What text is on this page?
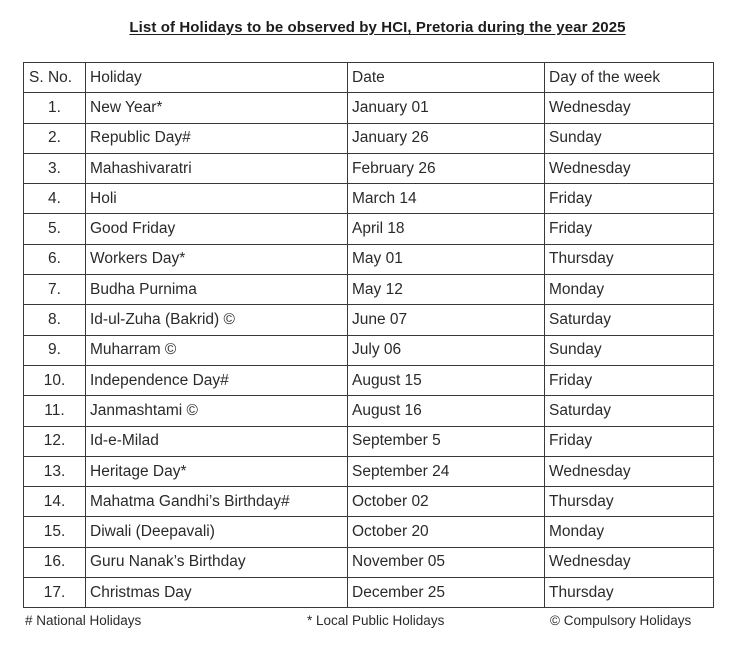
List of Holidays to be observed by HCI, Pretoria during the year 2025
S. No.	Holiday	Date	Day of the week
1.	New Year*	January 01	Wednesday
2.	Republic Day#	January 26	Sunday
3.	Mahashivaratri	February 26	Wednesday
4.	Holi	March 14	Friday
5.	Good Friday	April 18	Friday
6.	Workers Day*	May 01	Thursday
7.	Budha Purnima	May 12	Monday
8.	Id-ul-Zuha (Bakrid) ©	June 07	Saturday
9.	Muharram ©	July 06	Sunday
10.	Independence Day#	August 15	Friday
11.	Janmashtami ©	August 16	Saturday
12.	Id-e-Milad	September 5	Friday
13.	Heritage Day*	September 24	Wednesday
14.	Mahatma Gandhi’s Birthday#	October 02	Thursday
15.	Diwali (Deepavali)	October 20	Monday
16.	Guru Nanak’s Birthday	November 05	Wednesday
17.	Christmas Day	December 25	Thursday
# National Holidays	* Local Public Holidays	© Compulsory Holidays
